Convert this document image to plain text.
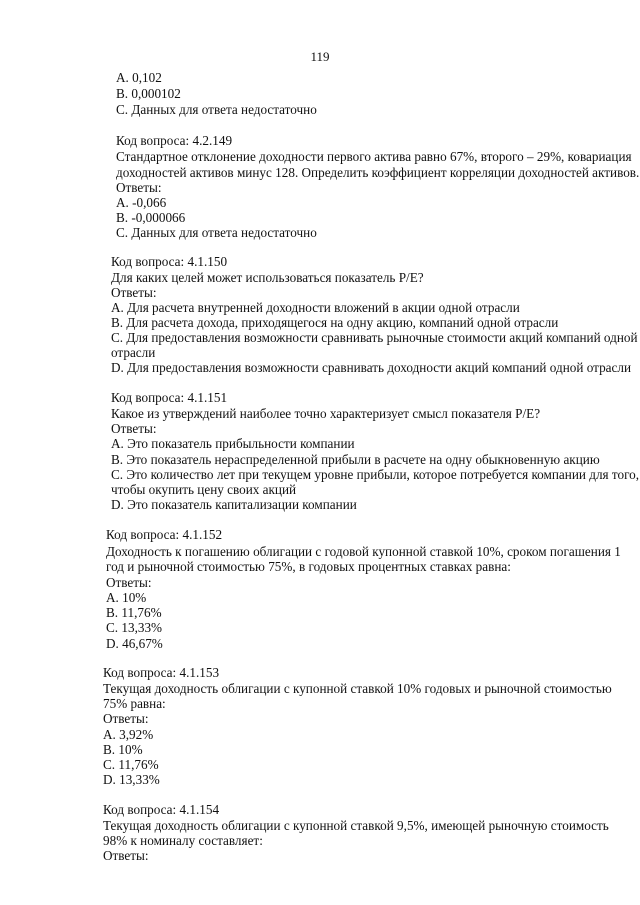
119
А. 0,102
В. 0,000102
С. Данных для ответа недостаточно
Код вопроса: 4.2.149
Стандартное отклонение доходности первого актива равно 67%, второго – 29%, ковариация
доходностей активов минус 128. Определить коэффициент корреляции доходностей активов.
Ответы:
А. -0,066
В. -0,000066
С. Данных для ответа недостаточно
Код вопроса: 4.1.150
Для каких целей может использоваться показатель Р/Е?
Ответы:
А. Для расчета внутренней доходности вложений в акции одной отрасли
В. Для расчета дохода, приходящегося на одну акцию, компаний одной отрасли
С. Для предоставления возможности сравнивать рыночные стоимости акций компаний одной
отрасли
D. Для предоставления возможности сравнивать доходности акций компаний одной отрасли
Код вопроса: 4.1.151
Какое из утверждений наиболее точно характеризует смысл показателя Р/Е?
Ответы:
А. Это показатель прибыльности компании
В. Это показатель нераспределенной прибыли в расчете на одну обыкновенную акцию
С. Это количество лет при текущем уровне прибыли, которое потребуется компании для того,
чтобы окупить цену своих акций
D. Это показатель капитализации компании
Код вопроса: 4.1.152
Доходность к погашению облигации с годовой купонной ставкой 10%, сроком погашения 1
год и рыночной стоимостью 75%, в годовых процентных ставках равна:
Ответы:
А. 10%
В. 11,76%
С. 13,33%
D. 46,67%
Код вопроса: 4.1.153
Текущая доходность облигации с купонной ставкой 10% годовых и рыночной стоимостью
75% равна:
Ответы:
А. 3,92%
В. 10%
С. 11,76%
D. 13,33%
Код вопроса: 4.1.154
Текущая доходность облигации с купонной ставкой 9,5%, имеющей рыночную стоимость
98% к номиналу составляет:
Ответы:
